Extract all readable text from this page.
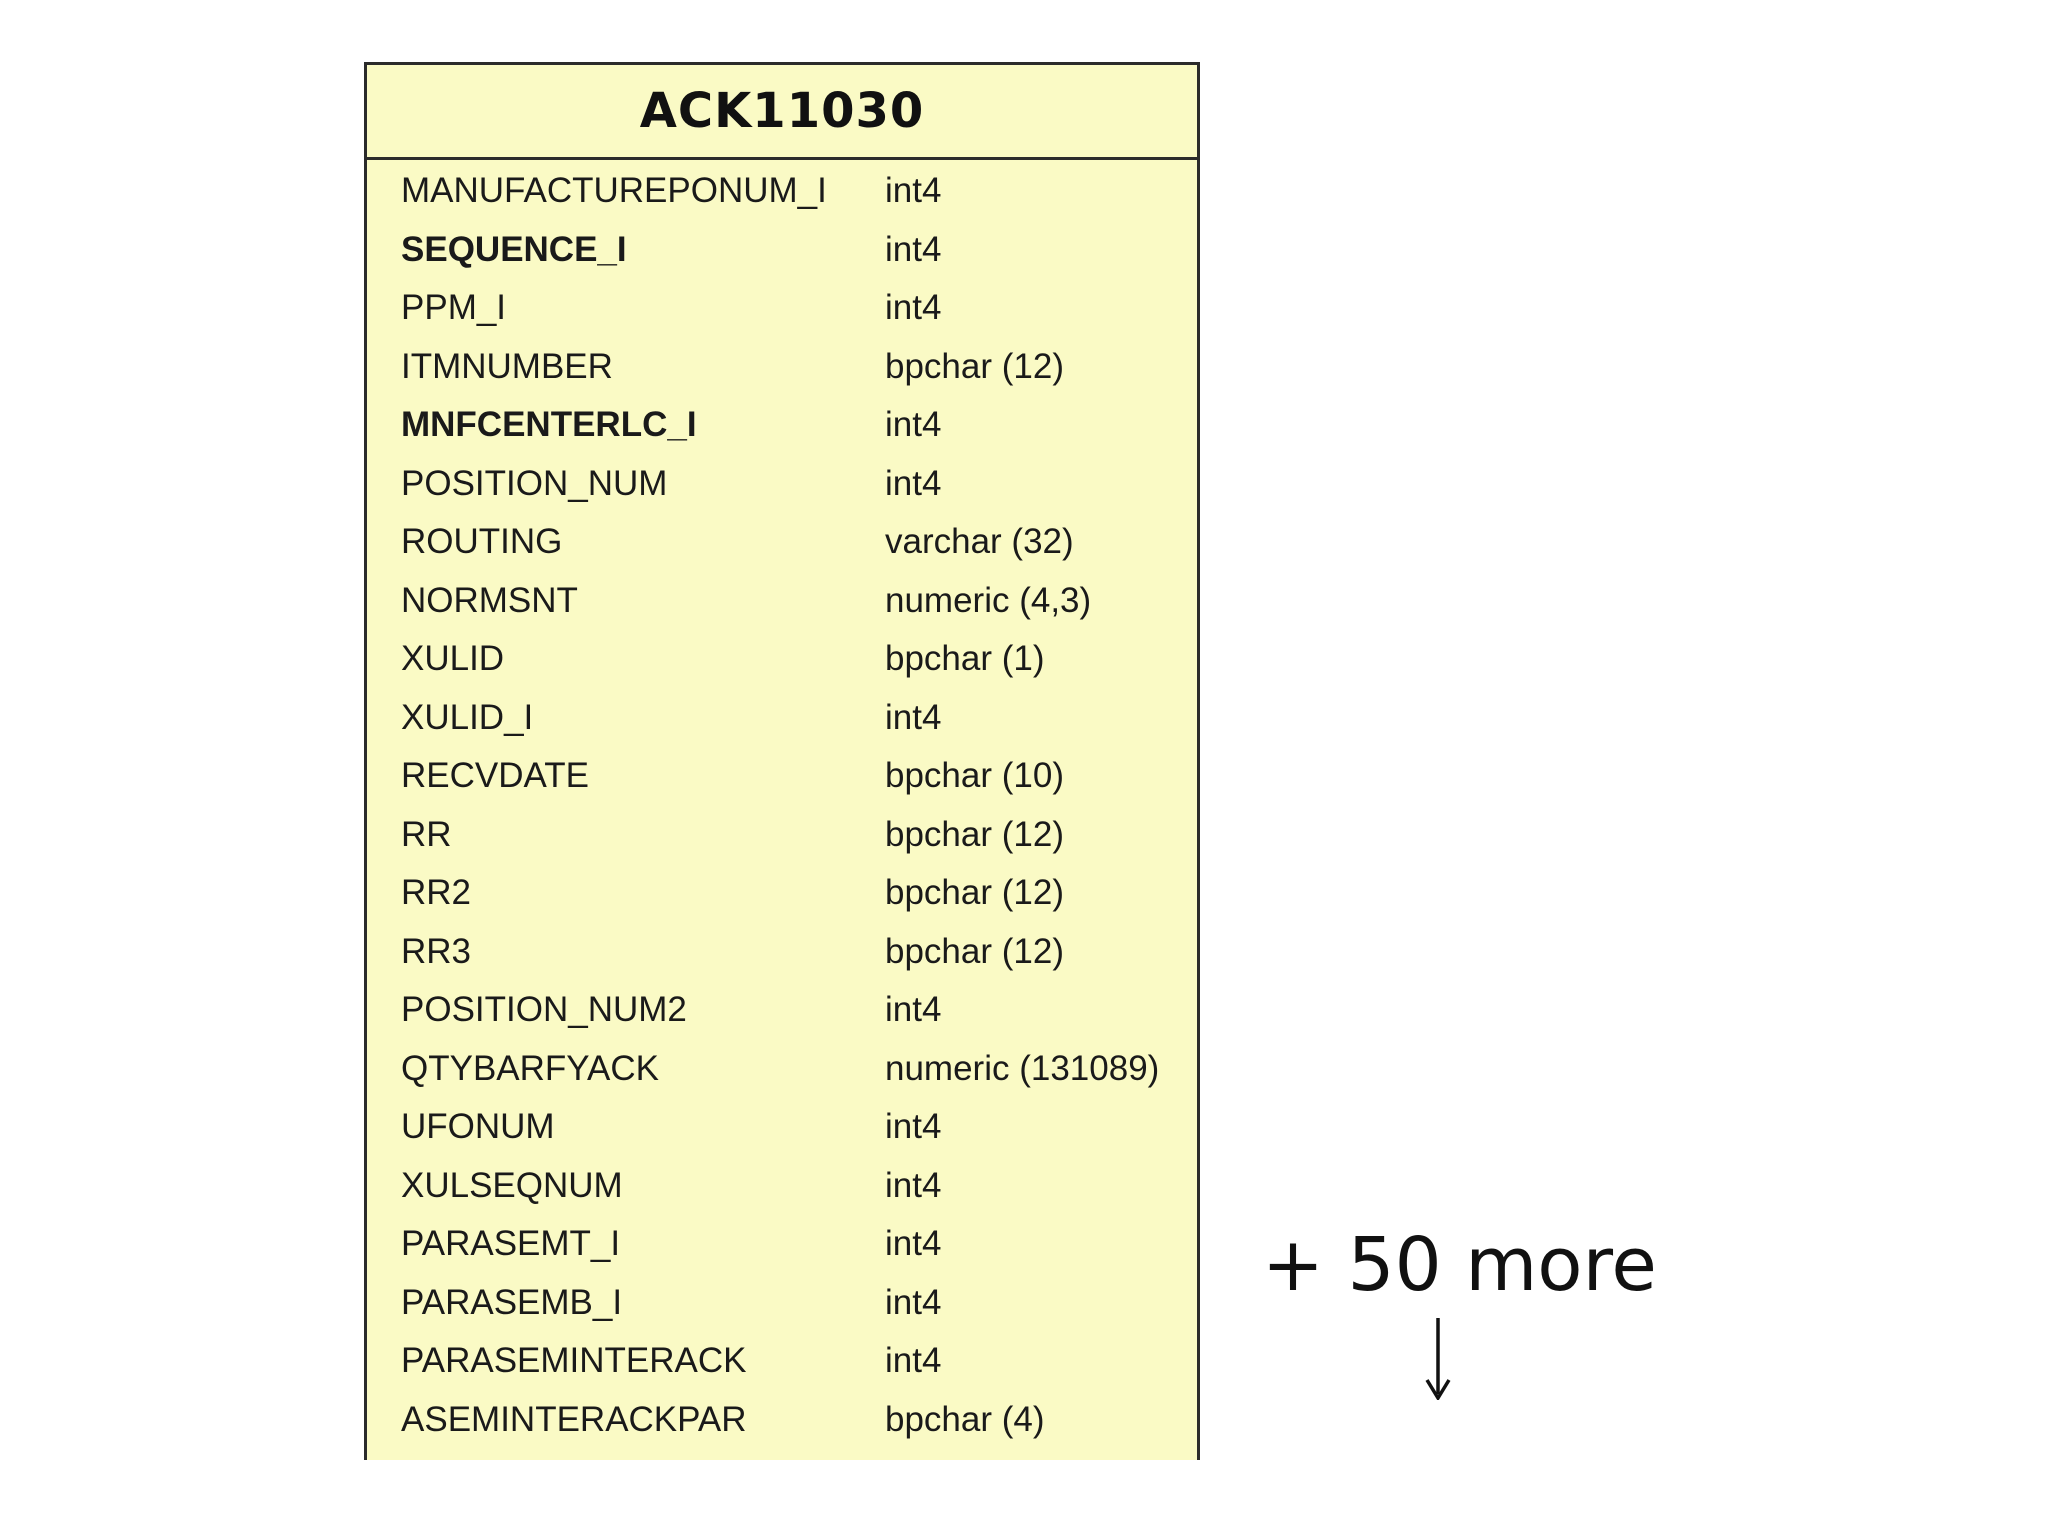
ACK11030
MANUFACTUREPONUM_I int4
SEQUENCE_I	int4
PPM_I	int4
ITMNUMBER	bpchar (12)
MNFCENTERLC_I	int4
POSITION_NUM	int4
ROUTING	varchar (32)
NORMSNT	numeric (4,3)
XULID	bpchar (1)
XULID_I	int4
RECVDATE	bpchar (10)
RR	bpchar (12)
RR2	bpchar (12)
RR3	bpchar (12)
POSITION_NUM2	int4
QTYBARFYACK	numeric (131089)
UFONUM	int4
XULSEQNUM	int4
PARASEMT_I	int4
PARASEMB_I	int4
PARASEMINTERACK	int4
ASEMINTERACKPAR	bpchar (4)
+ 50 more
